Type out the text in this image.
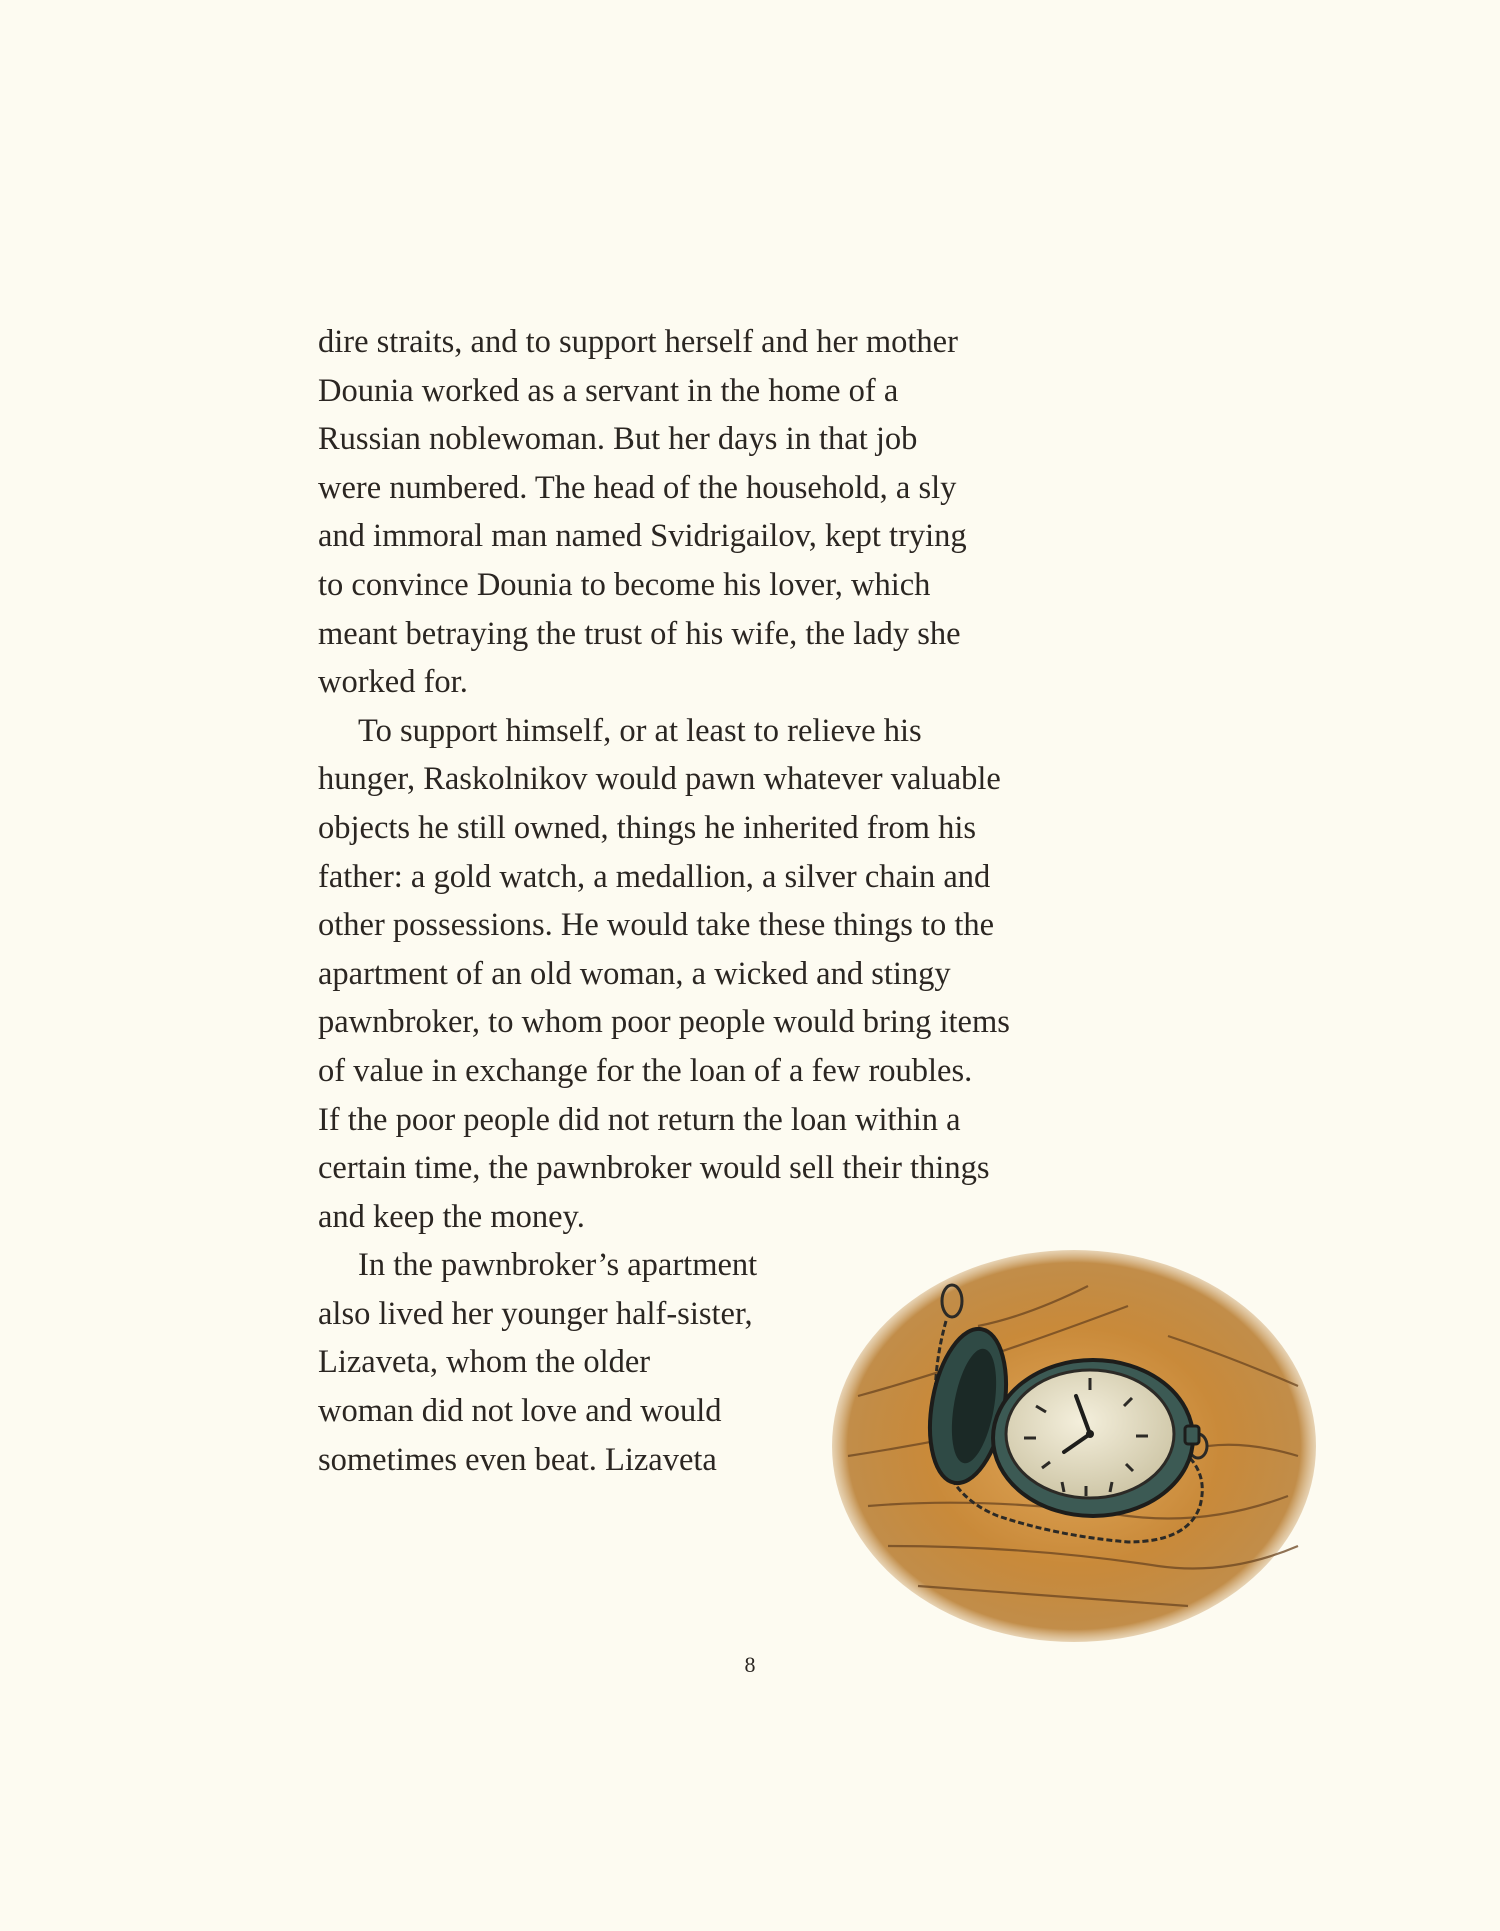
dire straits, and to support herself and her mother
Dounia worked as a servant in the home of a
Russian noblewoman. But her days in that job
were numbered. The head of the household, a sly
and immoral man named Svidrigailov, kept trying
to convince Dounia to become his lover, which
meant betraying the trust of his wife, the lady she
worked for.

To support himself, or at least to relieve his
hunger, Raskolnikov would pawn whatever valuable
objects he still owned, things he inherited from his
father: a gold watch, a medallion, a silver chain and
other possessions. He would take these things to the
apartment of an old woman, a wicked and stingy
pawnbroker, to whom poor people would bring items
of value in exchange for the loan of a few roubles.
If the poor people did not return the loan within a
certain time, the pawnbroker would sell their things
and keep the money.

In the pawnbroker’s apartment
also lived her younger half-sister,
Lizaveta, whom the older
woman did not love and would
sometimes even beat. Lizaveta

8
